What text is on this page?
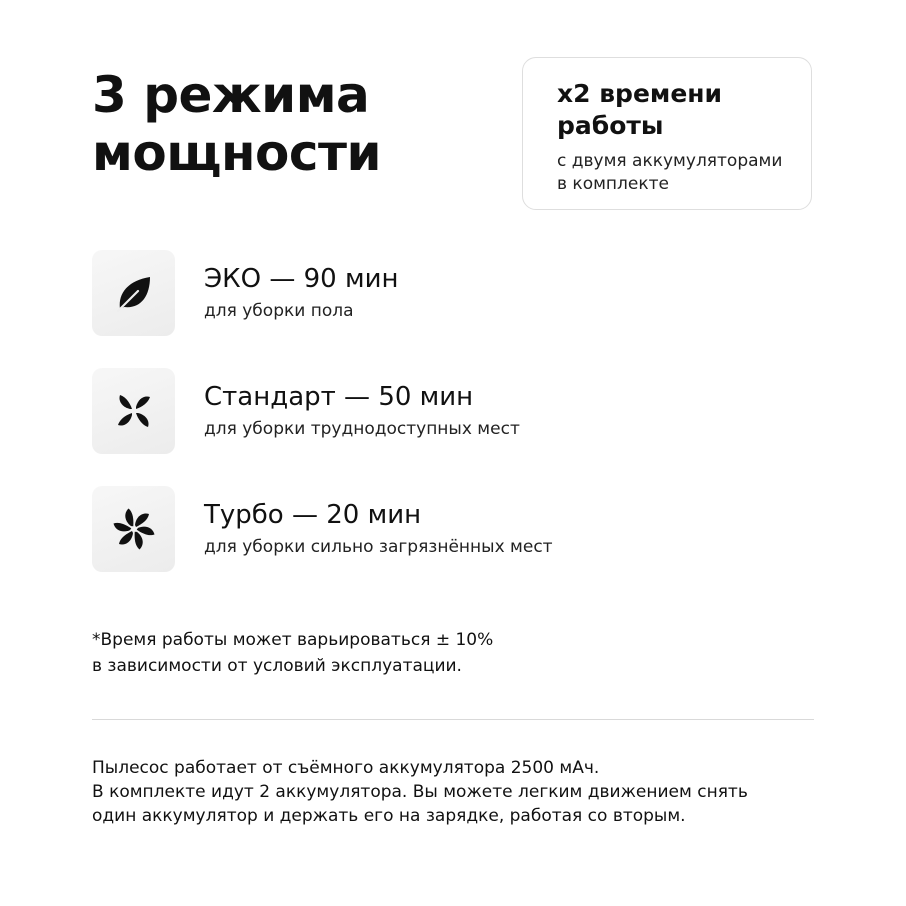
3 режима
мощности
x2 времени
работы
с двумя аккумуляторами
в комплекте
ЭКО — 90 мин
для уборки пола
Стандарт — 50 мин
для уборки труднодоступных мест
Турбо — 20 мин
для уборки сильно загрязнённых мест
*Время работы может варьироваться ± 10%
в зависимости от условий эксплуатации.
Пылесос работает от съёмного аккумулятора 2500 мАч.
В комплекте идут 2 аккумулятора. Вы можете легким движением снять
один аккумулятор и держать его на зарядке, работая со вторым.
